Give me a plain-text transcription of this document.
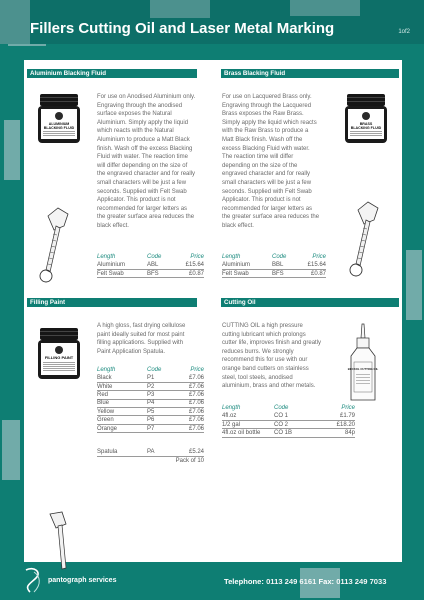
Fillers Cutting Oil and Laser Metal Marking	1of2
Aluminium Blacking Fluid
ALUMINIUM
BLACKING FLUID
For use on Anodised Aluminium only.
Engraving through the anodised
surface exposes the Natural
Aluminium. Simply apply the liquid
which reacts with the Natural
Aluminium to produce a Matt Black
finish. Wash off the excess Blacking
Fluid with water. The reaction time
will differ depending on the size of
the engraved character and for really
small characters will be just a few
seconds. Supplied with Felt Swab
Applicator. This product is not
recommended for larger letters as
the greater surface area reduces the
black effect.
Length	Code	Price
Aluminium	ABL	£15.64
Felt Swab	BFS	£0.87
Brass Blacking Fluid
For use on Lacquered Brass only.
Engraving through the Lacquered
Brass exposes the Raw Brass.
Simply apply the liquid which reacts
with the Raw Brass to produce a
Matt Black finish. Wash off the
excess Blacking Fluid with water.
The reaction time will differ
depending on the size of the
engraved character and for really
small characters will be just a few
seconds. Supplied with Felt Swab
Applicator. This product is not
recommended for larger letters as
the greater surface area reduces the
black effect.
BRASS
BLACKING FLUID
Length	Code	Price
Aluminium	BBL	£15.64
Felt Swab	BFS	£0.87
Filling Paint
FILLING PAINT
A high gloss, fast drying cellulose
paint ideally suited for most paint
filling applications. Supplied with
Paint Application Spatula.
Length	Code	Price
Black	P1	£7.06
White	P2	£7.06
Red	P3	£7.06
Blue	P4	£7.06
Yellow	P5	£7.06
Green	P6	£7.06
Orange	P7	£7.06
Spatula	PA	£5.24
		Pack of 10
Cutting Oil
CUTTING OIL a high pressure
cutting lubricant which prolongs
cutter life, improves finish and greatly
reduces burrs. We strongly
recommend this for use with our
orange band cutters on stainless
steel, tool steels, anodised
aluminium, brass and other metals.
BECKOL CUTTING OIL
Length	Code	Price
4fl.oz	CO 1	£1.79
1/2 gal	CO 2	£18.20
4fl.oz oil bottle	CO 1B	84p
pantograph services	Telephone: 0113 249 6161 Fax: 0113 249 7033
